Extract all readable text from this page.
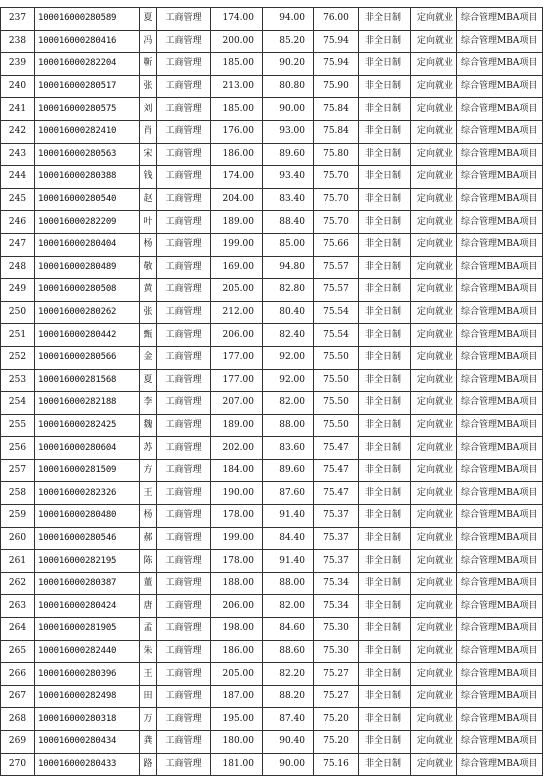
237	100016000280589	夏	工商管理	174.00	94.00	76.00	非全日制	定向就业	综合管理MBA项目
238	100016000280416	冯	工商管理	200.00	85.20	75.94	非全日制	定向就业	综合管理MBA项目
239	100016000282204	靳	工商管理	185.00	90.20	75.94	非全日制	定向就业	综合管理MBA项目
240	100016000280517	张	工商管理	213.00	80.80	75.90	非全日制	定向就业	综合管理MBA项目
241	100016000280575	刘	工商管理	185.00	90.00	75.84	非全日制	定向就业	综合管理MBA项目
242	100016000282410	肖	工商管理	176.00	93.00	75.84	非全日制	定向就业	综合管理MBA项目
243	100016000280563	宋	工商管理	186.00	89.60	75.80	非全日制	定向就业	综合管理MBA项目
244	100016000280388	钱	工商管理	174.00	93.40	75.70	非全日制	定向就业	综合管理MBA项目
245	100016000280540	赵	工商管理	204.00	83.40	75.70	非全日制	定向就业	综合管理MBA项目
246	100016000282209	叶	工商管理	189.00	88.40	75.70	非全日制	定向就业	综合管理MBA项目
247	100016000280404	杨	工商管理	199.00	85.00	75.66	非全日制	定向就业	综合管理MBA项目
248	100016000280489	敬	工商管理	169.00	94.80	75.57	非全日制	定向就业	综合管理MBA项目
249	100016000280508	黄	工商管理	205.00	82.80	75.57	非全日制	定向就业	综合管理MBA项目
250	100016000280262	张	工商管理	212.00	80.40	75.54	非全日制	定向就业	综合管理MBA项目
251	100016000280442	甄	工商管理	206.00	82.40	75.54	非全日制	定向就业	综合管理MBA项目
252	100016000280566	金	工商管理	177.00	92.00	75.50	非全日制	定向就业	综合管理MBA项目
253	100016000281568	夏	工商管理	177.00	92.00	75.50	非全日制	定向就业	综合管理MBA项目
254	100016000282188	李	工商管理	207.00	82.00	75.50	非全日制	定向就业	综合管理MBA项目
255	100016000282425	魏	工商管理	189.00	88.00	75.50	非全日制	定向就业	综合管理MBA项目
256	100016000280604	苏	工商管理	202.00	83.60	75.47	非全日制	定向就业	综合管理MBA项目
257	100016000281509	方	工商管理	184.00	89.60	75.47	非全日制	定向就业	综合管理MBA项目
258	100016000282326	王	工商管理	190.00	87.60	75.47	非全日制	定向就业	综合管理MBA项目
259	100016000280480	杨	工商管理	178.00	91.40	75.37	非全日制	定向就业	综合管理MBA项目
260	100016000280546	郝	工商管理	199.00	84.40	75.37	非全日制	定向就业	综合管理MBA项目
261	100016000282195	陈	工商管理	178.00	91.40	75.37	非全日制	定向就业	综合管理MBA项目
262	100016000280387	董	工商管理	188.00	88.00	75.34	非全日制	定向就业	综合管理MBA项目
263	100016000280424	唐	工商管理	206.00	82.00	75.34	非全日制	定向就业	综合管理MBA项目
264	100016000281905	孟	工商管理	198.00	84.60	75.30	非全日制	定向就业	综合管理MBA项目
265	100016000282440	朱	工商管理	186.00	88.60	75.30	非全日制	定向就业	综合管理MBA项目
266	100016000280396	王	工商管理	205.00	82.20	75.27	非全日制	定向就业	综合管理MBA项目
267	100016000282498	田	工商管理	187.00	88.20	75.27	非全日制	定向就业	综合管理MBA项目
268	100016000280318	万	工商管理	195.00	87.40	75.20	非全日制	定向就业	综合管理MBA项目
269	100016000280434	龚	工商管理	180.00	90.40	75.20	非全日制	定向就业	综合管理MBA项目
270	100016000280433	路	工商管理	181.00	90.00	75.16	非全日制	定向就业	综合管理MBA项目
